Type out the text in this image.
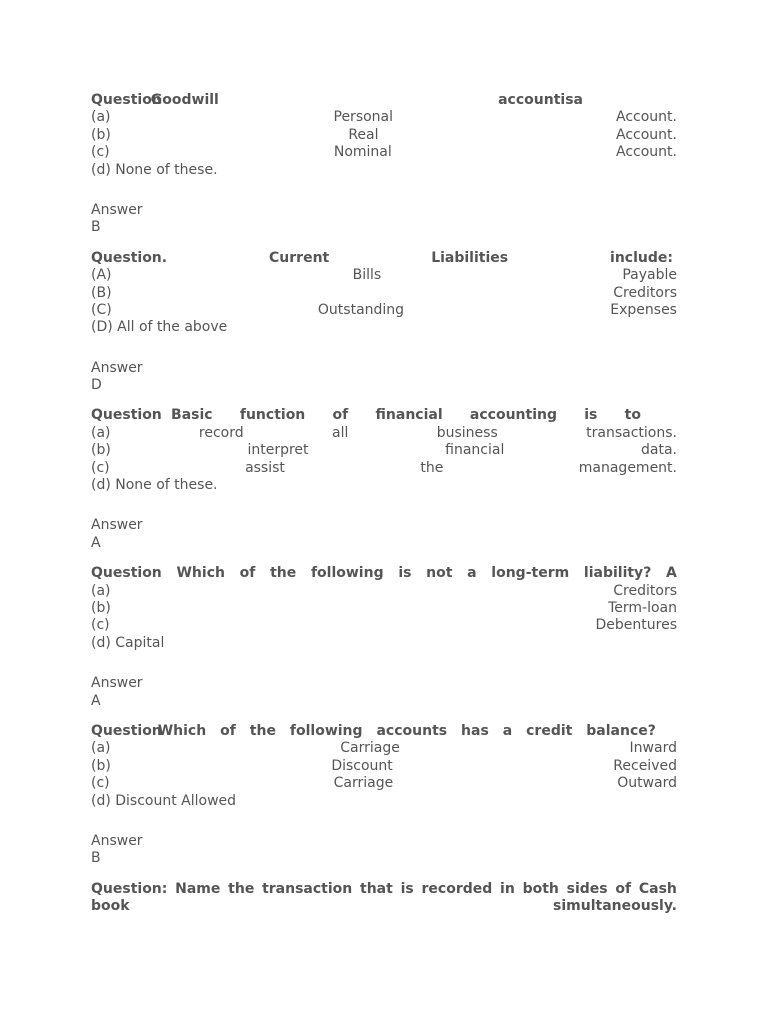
Question
Goodwill	account is a
(a)	Personal	Account.
(b)	Real	Account.
(c)	Nominal	Account.
(d) None of these.
Answer
B
Question.	Current	Liabilities	include:
(A)	Bills	Payable
(B)	Creditors
(C)	Outstanding	Expenses
(D) All of the above
Answer
D
Question Basic function of financial accounting is to
(a)	record	all	business	transactions.
(b)	interpret	financial	data.
(c)	assist	the	management.
(d) None of these.
Answer
A
Question Which of the following is not a long-term liability? A
(a)	Creditors
(b)	Term-loan
(c)	Debentures
(d) Capital
Answer
A
Question
Which of the following accounts has a credit balance?
(a)	Carriage	Inward
(b)	Discount	Received
(c)	Carriage	Outward
(d) Discount Allowed
Answer
B
Question: Name the transaction that is recorded in both sides of Cash
book	simultaneously.
